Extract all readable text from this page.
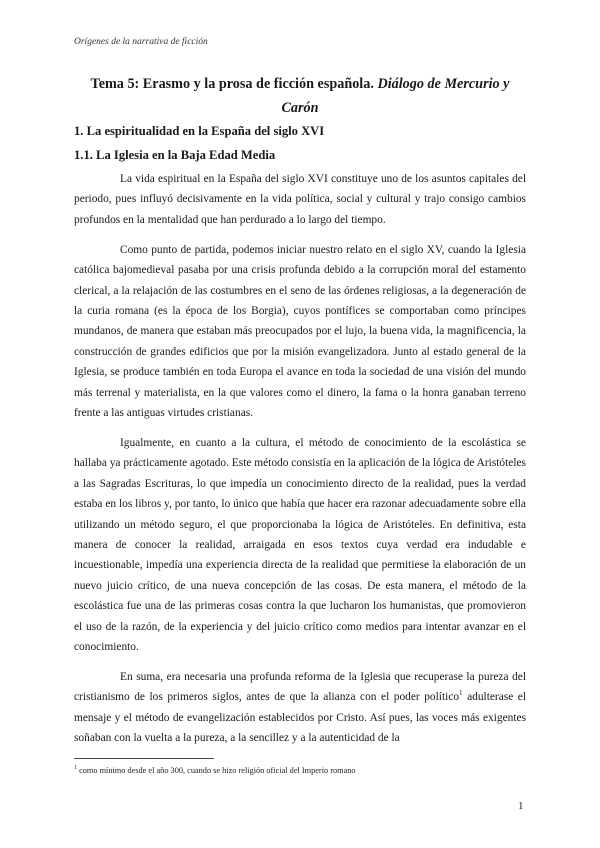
Orígenes de la narrativa de ficción
Tema 5: Erasmo y la prosa de ficción española. Diálogo de Mercurio y Carón
1. La espiritualidad en la España del siglo XVI
1.1. La Iglesia en la Baja Edad Media

La vida espiritual en la España del siglo XVI constituye uno de los asuntos capitales del periodo, pues influyó decisivamente en la vida política, social y cultural y trajo consigo cambios profundos en la mentalidad que han perdurado a lo largo del tiempo.

Como punto de partida, podemos iniciar nuestro relato en el siglo XV, cuando la Iglesia católica bajomedieval pasaba por una crisis profunda debido a la corrupción moral del estamento clerical, a la relajación de las costumbres en el seno de las órdenes religiosas, a la degeneración de la curia romana (es la época de los Borgia), cuyos pontífices se comportaban como príncipes mundanos, de manera que estaban más preocupados por el lujo, la buena vida, la magnificencia, la construcción de grandes edificios que por la misión evangelizadora. Junto al estado general de la Iglesia, se produce también en toda Europa el avance en toda la sociedad de una visión del mundo más terrenal y materialista, en la que valores como el dinero, la fama o la honra ganaban terreno frente a las antiguas virtudes cristianas.

Igualmente, en cuanto a la cultura, el método de conocimiento de la escolástica se hallaba ya prácticamente agotado. Este método consistía en la aplicación de la lógica de Aristóteles a las Sagradas Escrituras, lo que impedía un conocimiento directo de la realidad, pues la verdad estaba en los libros y, por tanto, lo único que había que hacer era razonar adecuadamente sobre ella utilizando un método seguro, el que proporcionaba la lógica de Aristóteles. En definitiva, esta manera de conocer la realidad, arraigada en esos textos cuya verdad era indudable e incuestionable, impedía una experiencia directa de la realidad que permitiese la elaboración de un nuevo juicio crítico, de una nueva concepción de las cosas. De esta manera, el método de la escolástica fue una de las primeras cosas contra la que lucharon los humanistas, que promovieron el uso de la razón, de la experiencia y del juicio crítico como medios para intentar avanzar en el conocimiento.

En suma, era necesaria una profunda reforma de la Iglesia que recuperase la pureza del cristianismo de los primeros siglos, antes de que la alianza con el poder político$^1$ adulterase el mensaje y el método de evangelización establecidos por Cristo. Así pues, las voces más exigentes soñaban con la vuelta a la pureza, a la sencillez y a la autenticidad de la

$^1$ como mínimo desde el año 300, cuando se hizo religión oficial del Imperio romano
1
